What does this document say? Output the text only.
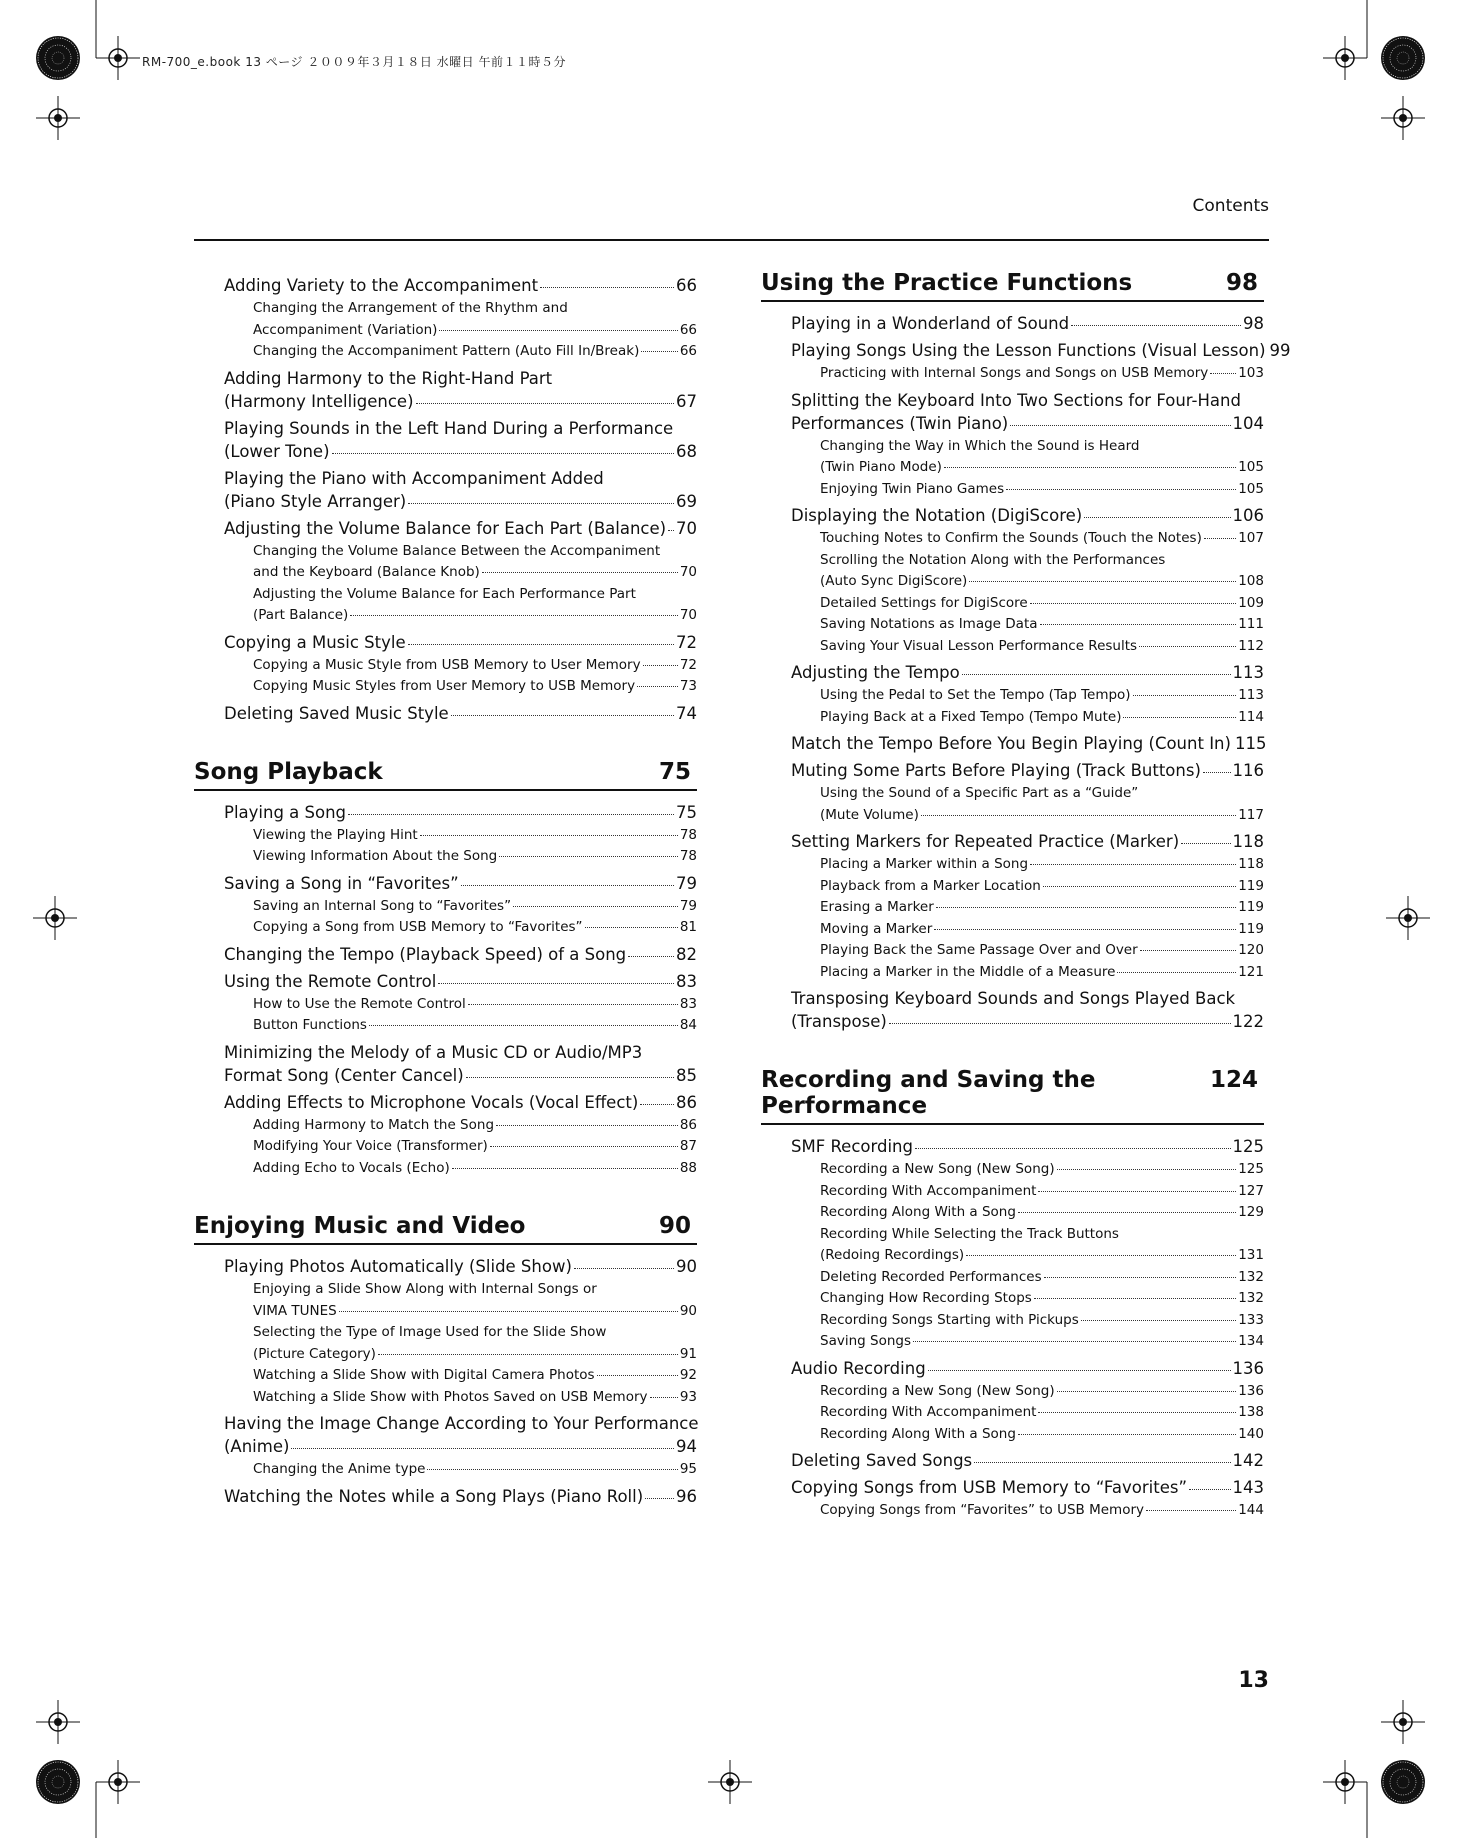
RM-700_e.book 13 ページ ２００９年３月１８日 水曜日 午前１１時５分
Contents
Adding Variety to the Accompaniment	66
Changing the Arrangement of the Rhythm and
Accompaniment (Variation)	66
Changing the Accompaniment Pattern (Auto Fill In/Break)	66
Adding Harmony to the Right-Hand Part
(Harmony Intelligence)	67
Playing Sounds in the Left Hand During a Performance
(Lower Tone)	68
Playing the Piano with Accompaniment Added
(Piano Style Arranger)	69
Adjusting the Volume Balance for Each Part (Balance) 70
Changing the Volume Balance Between the Accompaniment
and the Keyboard (Balance Knob)	70
Adjusting the Volume Balance for Each Performance Part
(Part Balance)	70
Copying a Music Style	72
Copying a Music Style from USB Memory to User Memory	72
Copying Music Styles from User Memory to USB Memory	73
Deleting Saved Music Style	74
Song Playback	75
Playing a Song	75
Viewing the Playing Hint	78
Viewing Information About the Song	78
Saving a Song in “Favorites”	79
Saving an Internal Song to “Favorites”	79
Copying a Song from USB Memory to “Favorites”	81
Changing the Tempo (Playback Speed) of a Song	82
Using the Remote Control	83
How to Use the Remote Control	83
Button Functions	84
Minimizing the Melody of a Music CD or Audio/MP3
Format Song (Center Cancel)	85
Adding Effects to Microphone Vocals (Vocal Effect) 86
Adding Harmony to Match the Song	86
Modifying Your Voice (Transformer)	87
Adding Echo to Vocals (Echo)	88
Enjoying Music and Video	90
Playing Photos Automatically (Slide Show)	90
Enjoying a Slide Show Along with Internal Songs or
VIMA TUNES	90
Selecting the Type of Image Used for the Slide Show
(Picture Category)	91
Watching a Slide Show with Digital Camera Photos	92
Watching a Slide Show with Photos Saved on USB Memory 93
Having the Image Change According to Your Performance
(Anime)	94
Changing the Anime type	95
Watching the Notes while a Song Plays (Piano Roll) 96
Using the Practice Functions	98
Playing in a Wonderland of Sound	98
Playing Songs Using the Lesson Functions (Visual Lesson) 99
Practicing with Internal Songs and Songs on USB Memory 103
Splitting the Keyboard Into Two Sections for Four-Hand
Performances (Twin Piano)	104
Changing the Way in Which the Sound is Heard
(Twin Piano Mode)	105
Enjoying Twin Piano Games	105
Displaying the Notation (DigiScore)	106
Touching Notes to Confirm the Sounds (Touch the Notes)	107
Scrolling the Notation Along with the Performances
(Auto Sync DigiScore)	108
Detailed Settings for DigiScore	109
Saving Notations as Image Data	111
Saving Your Visual Lesson Performance Results	112
Adjusting the Tempo	113
Using the Pedal to Set the Tempo (Tap Tempo)	113
Playing Back at a Fixed Tempo (Tempo Mute)	114
Match the Tempo Before You Begin Playing (Count In) 115
Muting Some Parts Before Playing (Track Buttons) 116
Using the Sound of a Specific Part as a “Guide”
(Mute Volume)	117
Setting Markers for Repeated Practice (Marker)	118
Placing a Marker within a Song	118
Playback from a Marker Location	119
Erasing a Marker	119
Moving a Marker	119
Playing Back the Same Passage Over and Over	120
Placing a Marker in the Middle of a Measure	121
Transposing Keyboard Sounds and Songs Played Back
(Transpose)	122
Recording and Saving the Performance
124
SMF Recording	125
Recording a New Song (New Song)	125
Recording With Accompaniment	127
Recording Along With a Song	129
Recording While Selecting the Track Buttons
(Redoing Recordings)	131
Deleting Recorded Performances	132
Changing How Recording Stops	132
Recording Songs Starting with Pickups	133
Saving Songs	134
Audio Recording	136
Recording a New Song (New Song)	136
Recording With Accompaniment	138
Recording Along With a Song	140
Deleting Saved Songs	142
Copying Songs from USB Memory to “Favorites”	143
Copying Songs from “Favorites” to USB Memory	144
13
